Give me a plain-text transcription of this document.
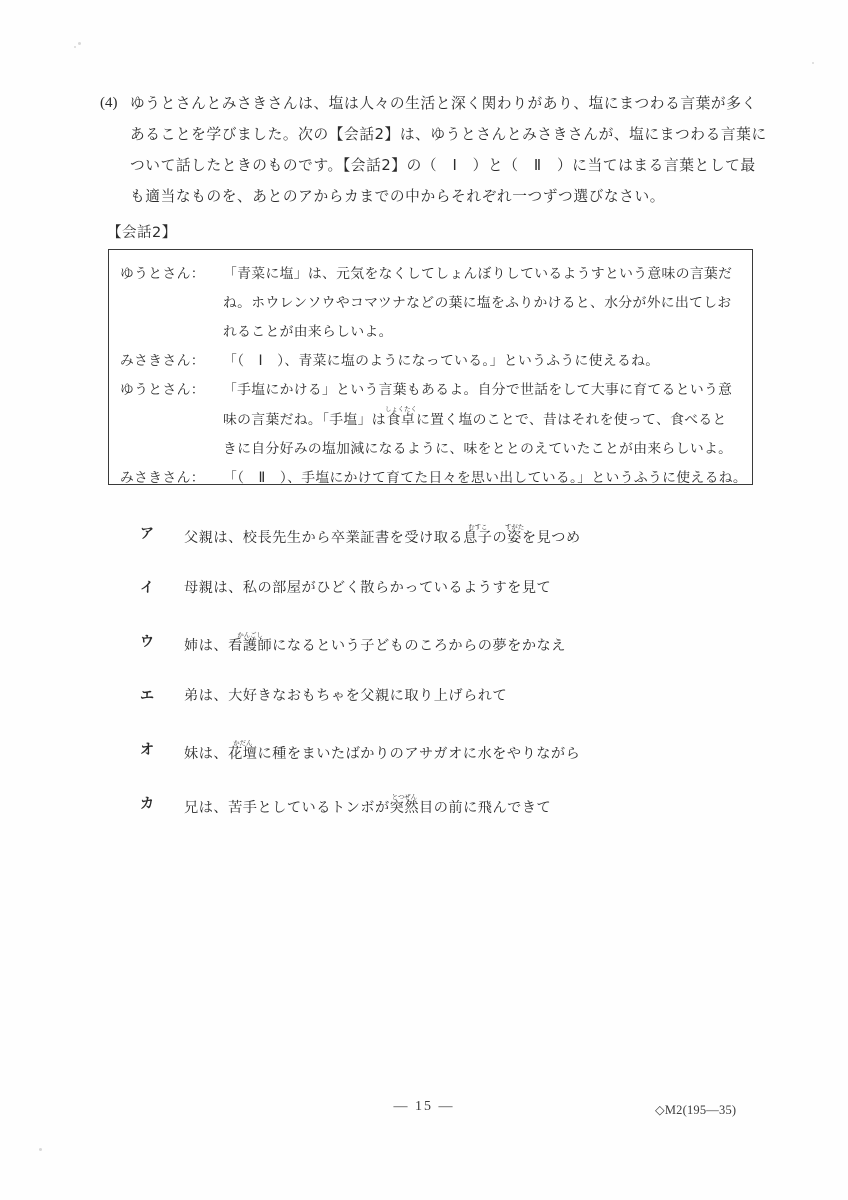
(4) ゆうとさんとみさきさんは、塩は人々の生活と深く関わりがあり、塩にまつわる言葉が多く
あることを学びました。次の【会話2】は、ゆうとさんとみさきさんが、塩にまつわる言葉に
ついて話したときのものです。【会話2】の（　Ⅰ　）と（　Ⅱ　）に当てはまる言葉として最
も適当なものを、あとのアからカまでの中からそれぞれ一つずつ選びなさい。
【会話2】
ゆうとさん：	「青菜に塩」は、元気をなくしてしょんぼりしているようすという意味の言葉だ
ね。ホウレンソウやコマツナなどの葉に塩をふりかけると、水分が外に出てしお
れることが由来らしいよ。
みさきさん：	「（　Ⅰ　）、青菜に塩のようになっている。」というふうに使えるね。
ゆうとさん：	「手塩にかける」という言葉もあるよ。自分で世話をして大事に育てるという意
味の言葉だね。「手塩」は食卓しょくたくに置く塩のことで、昔はそれを使って、食べると
きに自分好みの塩加減になるように、味をととのえていたことが由来らしいよ。
みさきさん：	「（　Ⅱ　）、手塩にかけて育てた日々を思い出している。」というふうに使えるね。
ア	父親は、校長先生から卒業証書を受け取る息子むすこの姿すがたを見つめ
イ	母親は、私の部屋がひどく散らかっているようすを見て
ウ	姉は、看護師かんごしになるという子どものころからの夢をかなえ
エ	弟は、大好きなおもちゃを父親に取り上げられて
オ	妹は、花壇かだんに種をまいたばかりのアサガオに水をやりながら
カ	兄は、苦手としているトンボが突然とつぜん目の前に飛んできて
― 15 ―	◇M2(195―35)
